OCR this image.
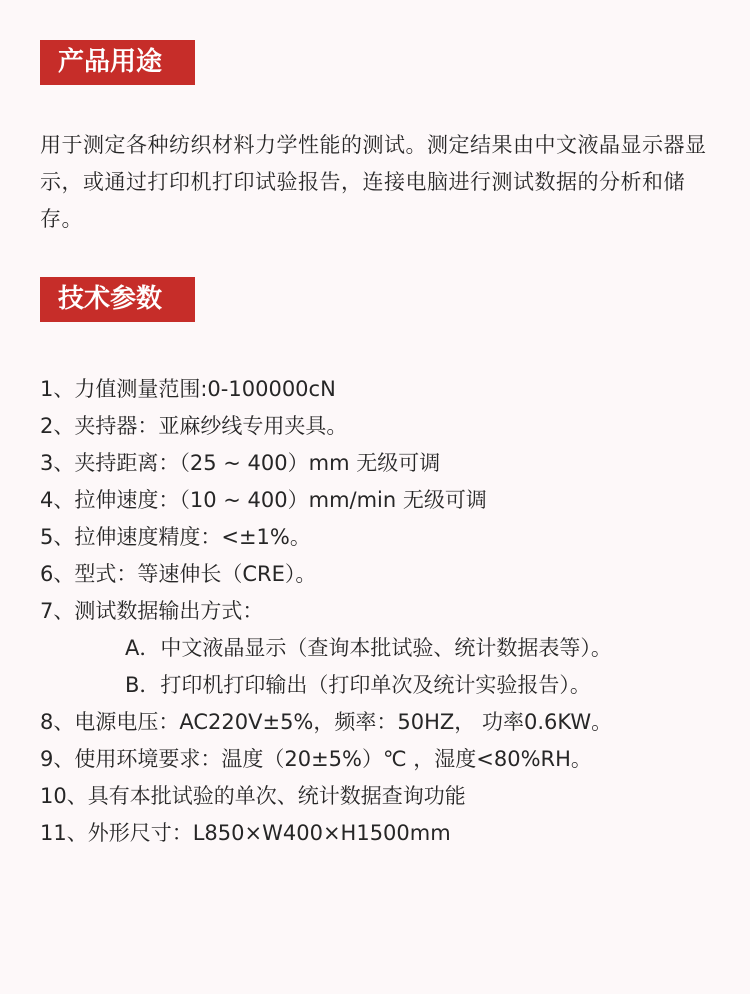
产品用途
用于测定各种纺织材料力学性能的测试。测定结果由中文液晶显示器显示，或通过打印机打印试验报告，连接电脑进行测试数据的分析和储存。
技术参数
1、力值测量范围:0-100000cN
2、夹持器：亚麻纱线专用夹具。
3、夹持距离：（25 ~ 400）mm 无级可调
4、拉伸速度：（10 ~ 400）mm/min 无级可调
5、拉伸速度精度：<±1%。
6、型式：等速伸长（CRE）。
7、测试数据输出方式：
A．中文液晶显示（查询本批试验、统计数据表等）。
B．打印机打印输出（打印单次及统计实验报告）。
8、电源电压：AC220V±5%，频率：50HZ， 功率0.6KW。
9、使用环境要求：温度（20±5%）℃ ，湿度<80%RH。
10、具有本批试验的单次、统计数据查询功能
11、外形尺寸：L850×W400×H1500mm
